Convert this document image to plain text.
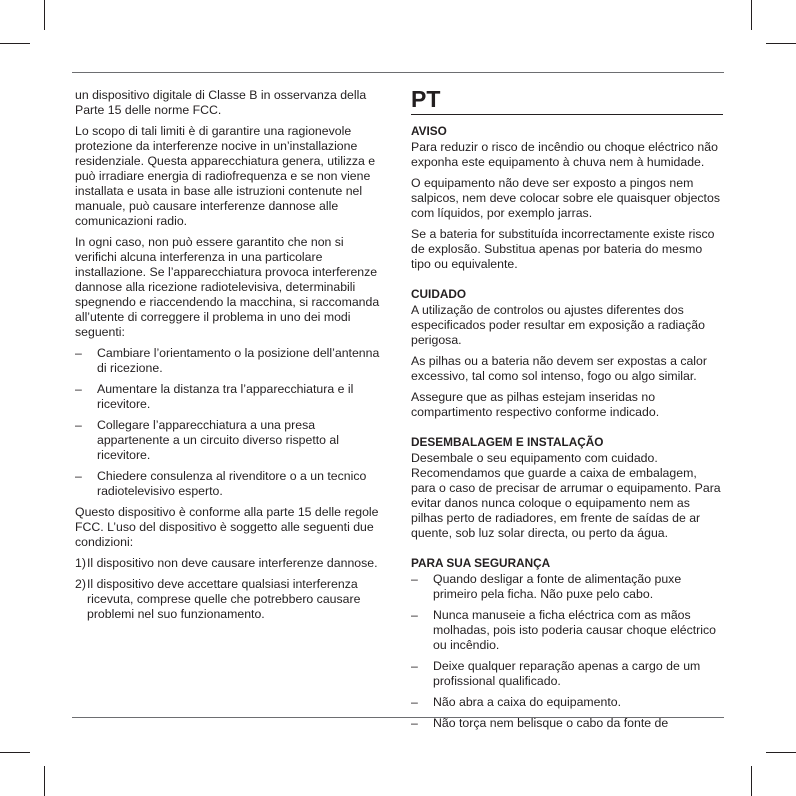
un dispositivo digitale di Classe B in osservanza della Parte 15 delle norme FCC.

Lo scopo di tali limiti è di garantire una ragionevole protezione da interferenze nocive in un’installazione residenziale. Questa apparecchiatura genera, utilizza e può irradiare energia di radiofrequenza e se non viene installata e usata in base alle istruzioni contenute nel manuale, può causare interferenze dannose alle comunicazioni radio.

In ogni caso, non può essere garantito che non si verifichi alcuna interferenza in una particolare installazione. Se l’apparecchiatura provoca interferenze dannose alla ricezione radiotelevisiva, determinabili spegnendo e riaccendendo la macchina, si raccomanda all’utente di correggere il problema in uno dei modi seguenti:

– Cambiare l’orientamento o la posizione dell’antenna di ricezione.
– Aumentare la distanza tra l’apparecchiatura e il ricevitore.
– Collegare l’apparecchiatura a una presa appartenente a un circuito diverso rispetto al ricevitore.
– Chiedere consulenza al rivenditore o a un tecnico radiotelevisivo esperto.

Questo dispositivo è conforme alla parte 15 delle regole FCC. L’uso del dispositivo è soggetto alle seguenti due condizioni:

1) Il dispositivo non deve causare interferenze dannose.
2) Il dispositivo deve accettare qualsiasi interferenza ricevuta, comprese quelle che potrebbero causare problemi nel suo funzionamento.
PT
AVISO

Para reduzir o risco de incêndio ou choque eléctrico não exponha este equipamento à chuva nem à humidade.

O equipamento não deve ser exposto a pingos nem salpicos, nem deve colocar sobre ele quaisquer objectos com líquidos, por exemplo jarras.

Se a bateria for substituída incorrectamente existe risco de explosão. Substitua apenas por bateria do mesmo tipo ou equivalente.

CUIDADO

A utilização de controlos ou ajustes diferentes dos especificados poder resultar em exposição a radiação perigosa.

As pilhas ou a bateria não devem ser expostas a calor excessivo, tal como sol intenso, fogo ou algo similar.

Assegure que as pilhas estejam inseridas no compartimento respectivo conforme indicado.

DESEMBALAGEM E INSTALAÇÃO

Desembale o seu equipamento com cuidado. Recomendamos que guarde a caixa de embalagem, para o caso de precisar de arrumar o equipamento. Para evitar danos nunca coloque o equipamento nem as pilhas perto de radiadores, em frente de saídas de ar quente, sob luz solar directa, ou perto da água.

PARA SUA SEGURANÇA
– Quando desligar a fonte de alimentação puxe primeiro pela ficha. Não puxe pelo cabo.
– Nunca manuseie a ficha eléctrica com as mãos molhadas, pois isto poderia causar choque eléctrico ou incêndio.
– Deixe qualquer reparação apenas a cargo de um profissional qualificado.
– Não abra a caixa do equipamento.
– Não torça nem belisque o cabo da fonte de
